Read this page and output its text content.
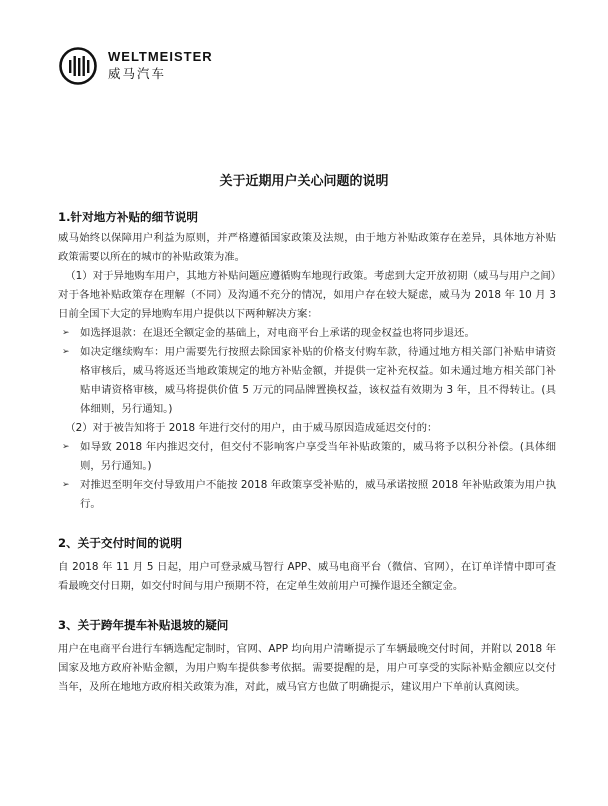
WELTMEISTER
威马汽车
关于近期用户关心问题的说明
1.针对地方补贴的细节说明
威马始终以保障用户利益为原则，并严格遵循国家政策及法规，由于地方补贴政策存在差异，具体地方补贴政策需要以所在的城市的补贴政策为准。
（1）对于异地购车用户，其地方补贴问题应遵循购车地现行政策。考虑到大定开放初期（威马与用户之间）对于各地补贴政策存在理解（不同）及沟通不充分的情况，如用户存在较大疑虑，威马为 2018 年 10 月 3 日前全国下大定的异地购车用户提供以下两种解决方案：
➢	如选择退款：在退还全额定金的基础上，对电商平台上承诺的现金权益也将同步退还。
➢	如决定继续购车：用户需要先行按照去除国家补贴的价格支付购车款，待通过地方相关部门补贴申请资格审核后，威马将返还当地政策规定的地方补贴金额，并提供一定补充权益。如未通过地方相关部门补贴申请资格审核，威马将提供价值 5 万元的同品牌置换权益，该权益有效期为 3 年，且不得转让。(具体细则，另行通知。)
（2）对于被告知将于 2018 年进行交付的用户，由于威马原因造成延迟交付的：
➢	如导致 2018 年内推迟交付，但交付不影响客户享受当年补贴政策的，威马将予以积分补偿。(具体细则，另行通知。)
➢	对推迟至明年交付导致用户不能按 2018 年政策享受补贴的，威马承诺按照 2018 年补贴政策为用户执行。
2、关于交付时间的说明
自 2018 年 11 月 5 日起，用户可登录威马智行 APP、威马电商平台（微信、官网），在订单详情中即可查看最晚交付日期，如交付时间与用户预期不符，在定单生效前用户可操作退还全额定金。
3、关于跨年提车补贴退坡的疑问
用户在电商平台进行车辆选配定制时，官网、APP 均向用户清晰提示了车辆最晚交付时间，并附以 2018 年国家及地方政府补贴金额，为用户购车提供参考依据。需要提醒的是，用户可享受的实际补贴金额应以交付当年，及所在地地方政府相关政策为准，对此，威马官方也做了明确提示，建议用户下单前认真阅读。
